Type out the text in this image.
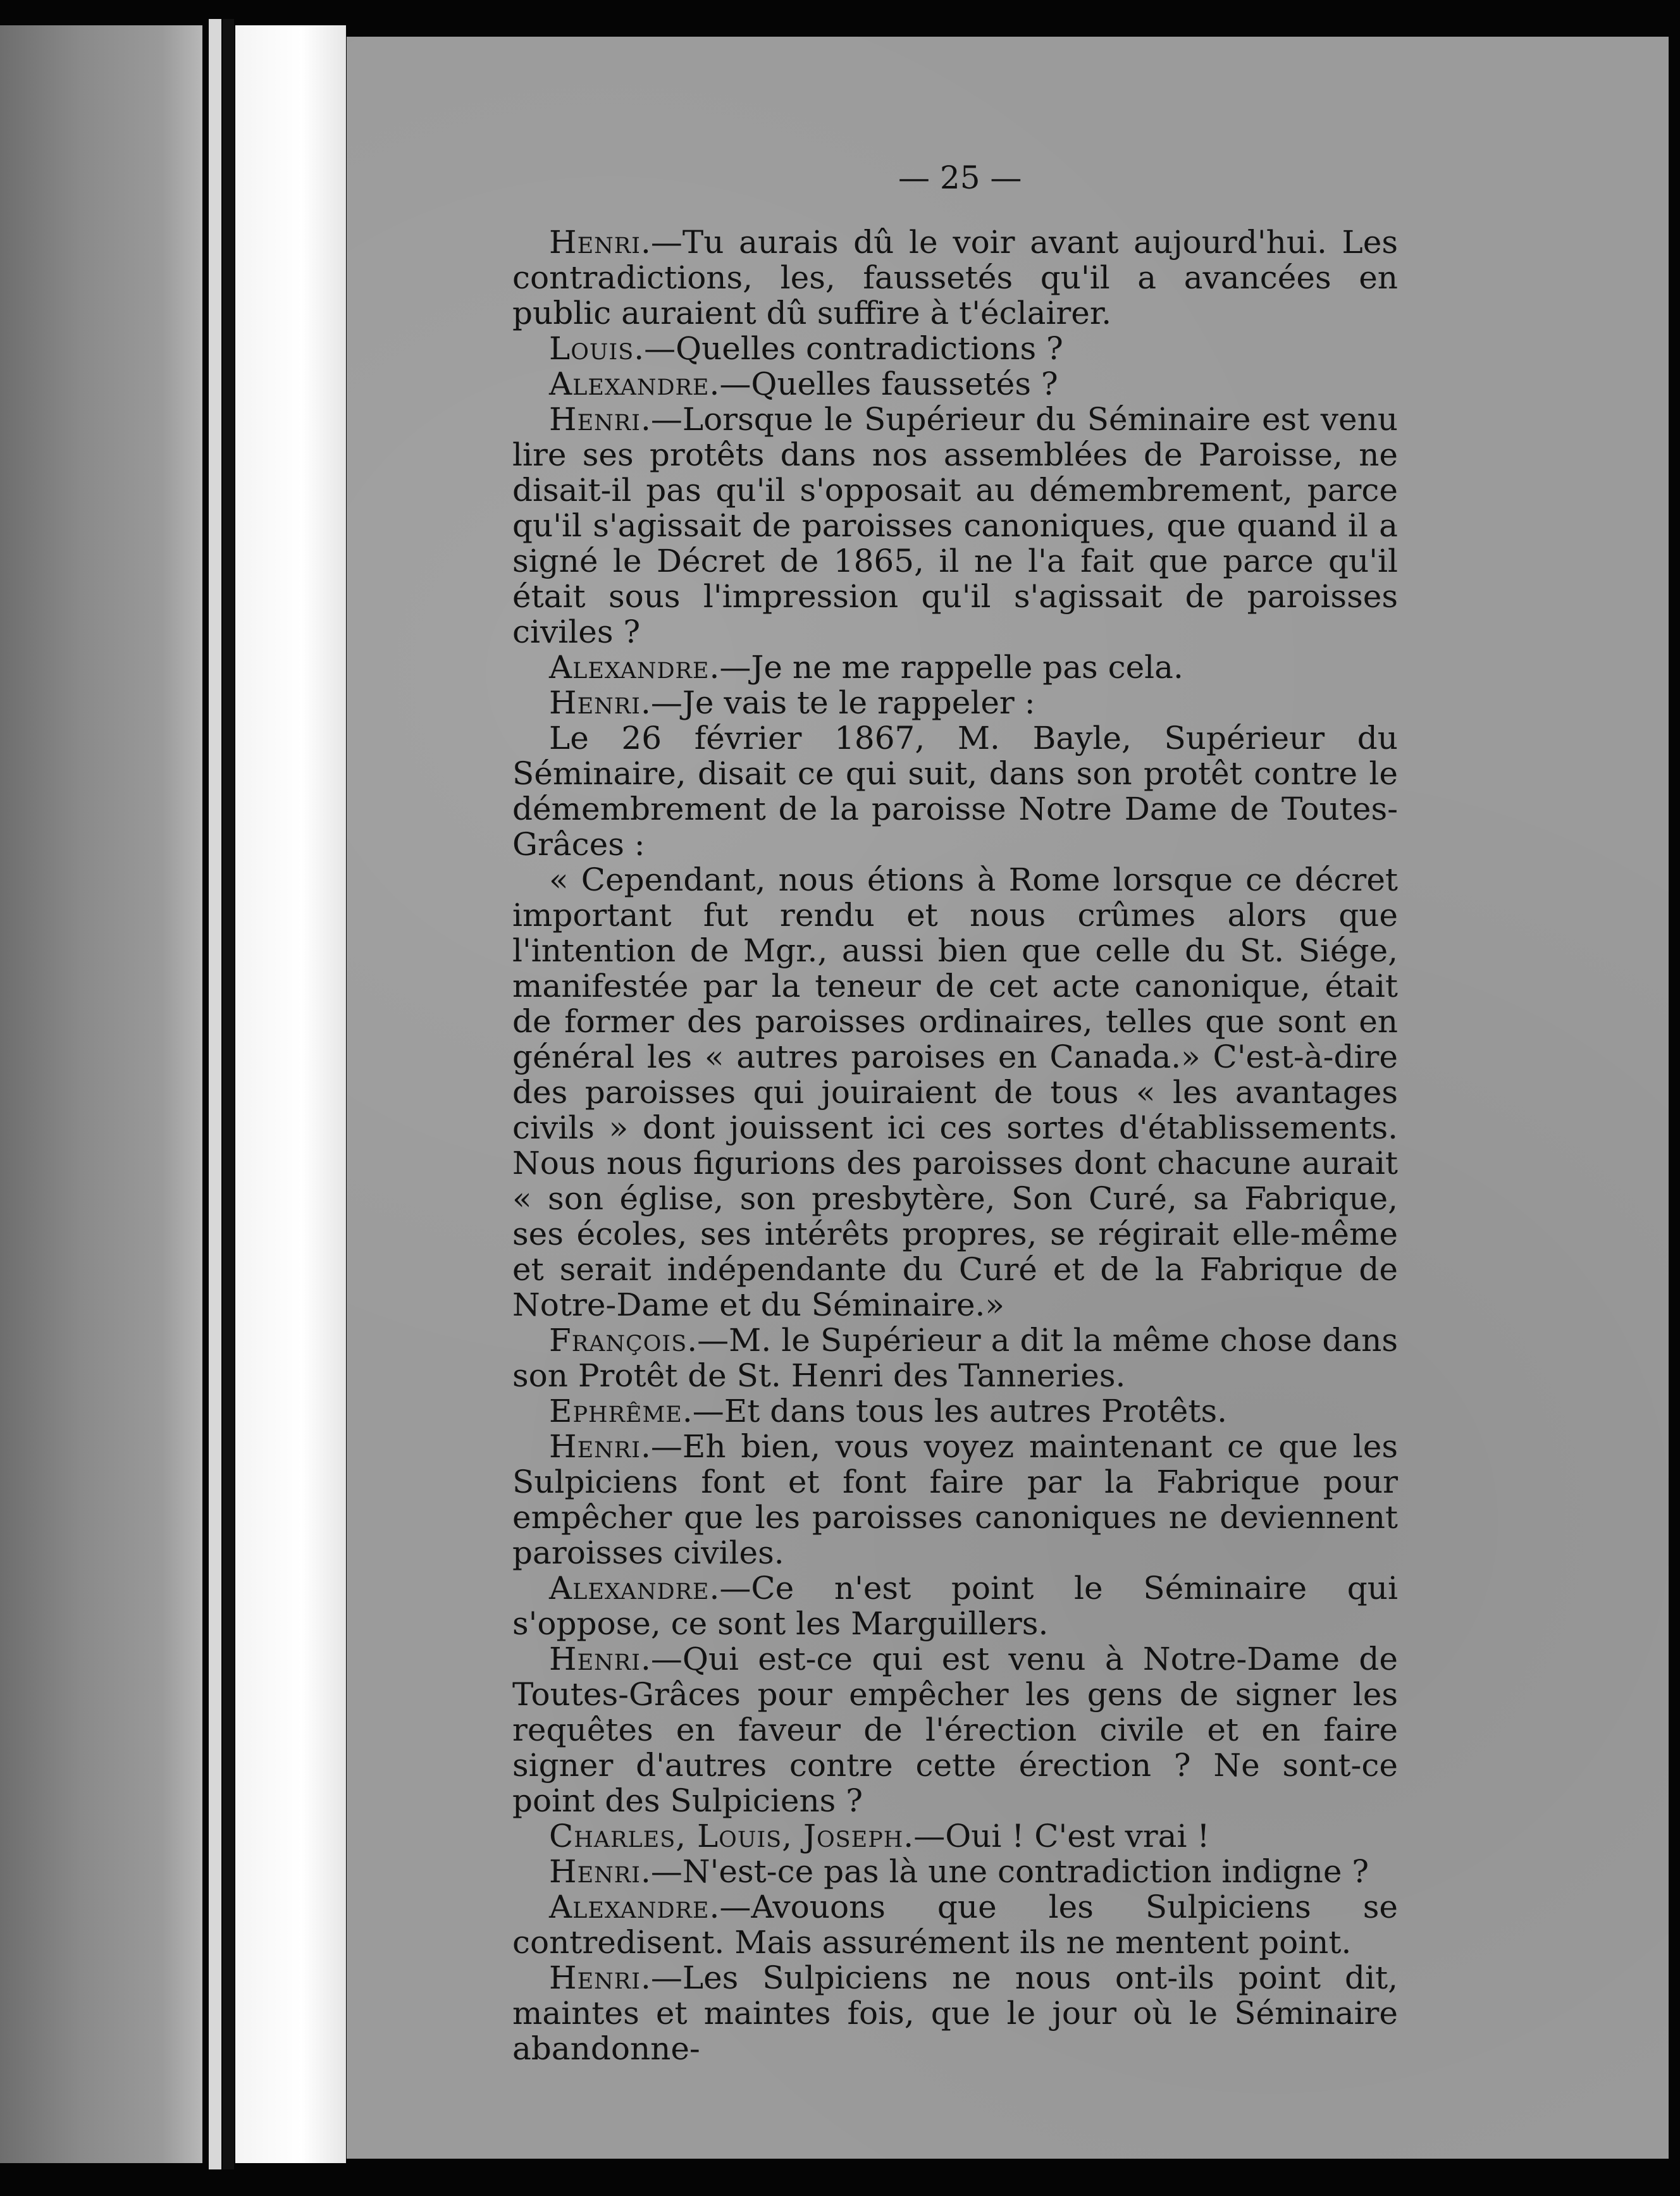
— 25 —

Henri.—Tu aurais dû le voir avant aujourd'hui. Les contradictions, les, faussetés qu'il a avancées en public auraient dû suffire à t'éclairer.

Louis.—Quelles contradictions ?

Alexandre.—Quelles faussetés ?

Henri.—Lorsque le Supérieur du Séminaire est venu lire ses protêts dans nos assemblées de Paroisse, ne disait-il pas qu'il s'opposait au démembrement, parce qu'il s'agissait de paroisses canoniques, que quand il a signé le Décret de 1865, il ne l'a fait que parce qu'il était sous l'impression qu'il s'agissait de paroisses civiles ?

Alexandre.—Je ne me rappelle pas cela.

Henri.—Je vais te le rappeler :

Le 26 février 1867, M. Bayle, Supérieur du Séminaire, disait ce qui suit, dans son protêt contre le démembrement de la paroisse Notre Dame de Toutes-Grâces :

« Cependant, nous étions à Rome lorsque ce décret important fut rendu et nous crûmes alors que l'intention de Mgr., aussi bien que celle du St. Siége, manifestée par la teneur de cet acte canonique, était de former des paroisses ordinaires, telles que sont en général les « autres paroises en Canada.» C'est-à-dire des paroisses qui jouiraient de tous « les avantages civils » dont jouissent ici ces sortes d'établissements. Nous nous figurions des paroisses dont chacune aurait « son église, son presbytère, Son Curé, sa Fabrique, ses écoles, ses intérêts propres, se régirait elle-même et serait indépendante du Curé et de la Fabrique de Notre-Dame et du Séminaire.»

François.—M. le Supérieur a dit la même chose dans son Protêt de St. Henri des Tanneries.

Ephrême.—Et dans tous les autres Protêts.

Henri.—Eh bien, vous voyez maintenant ce que les Sulpiciens font et font faire par la Fabrique pour empêcher que les paroisses canoniques ne deviennent paroisses civiles.

Alexandre.—Ce n'est point le Séminaire qui s'oppose, ce sont les Marguillers.

Henri.—Qui est-ce qui est venu à Notre-Dame de Toutes-Grâces pour empêcher les gens de signer les requêtes en faveur de l'érection civile et en faire signer d'autres contre cette érection ? Ne sont-ce point des Sulpiciens ?

Charles, Louis, Joseph.—Oui ! C'est vrai !

Henri.—N'est-ce pas là une contradiction indigne ?

Alexandre.—Avouons que les Sulpiciens se contredisent. Mais assurément ils ne mentent point.

Henri.—Les Sulpiciens ne nous ont-ils point dit, maintes et maintes fois, que le jour où le Séminaire abandonne-
